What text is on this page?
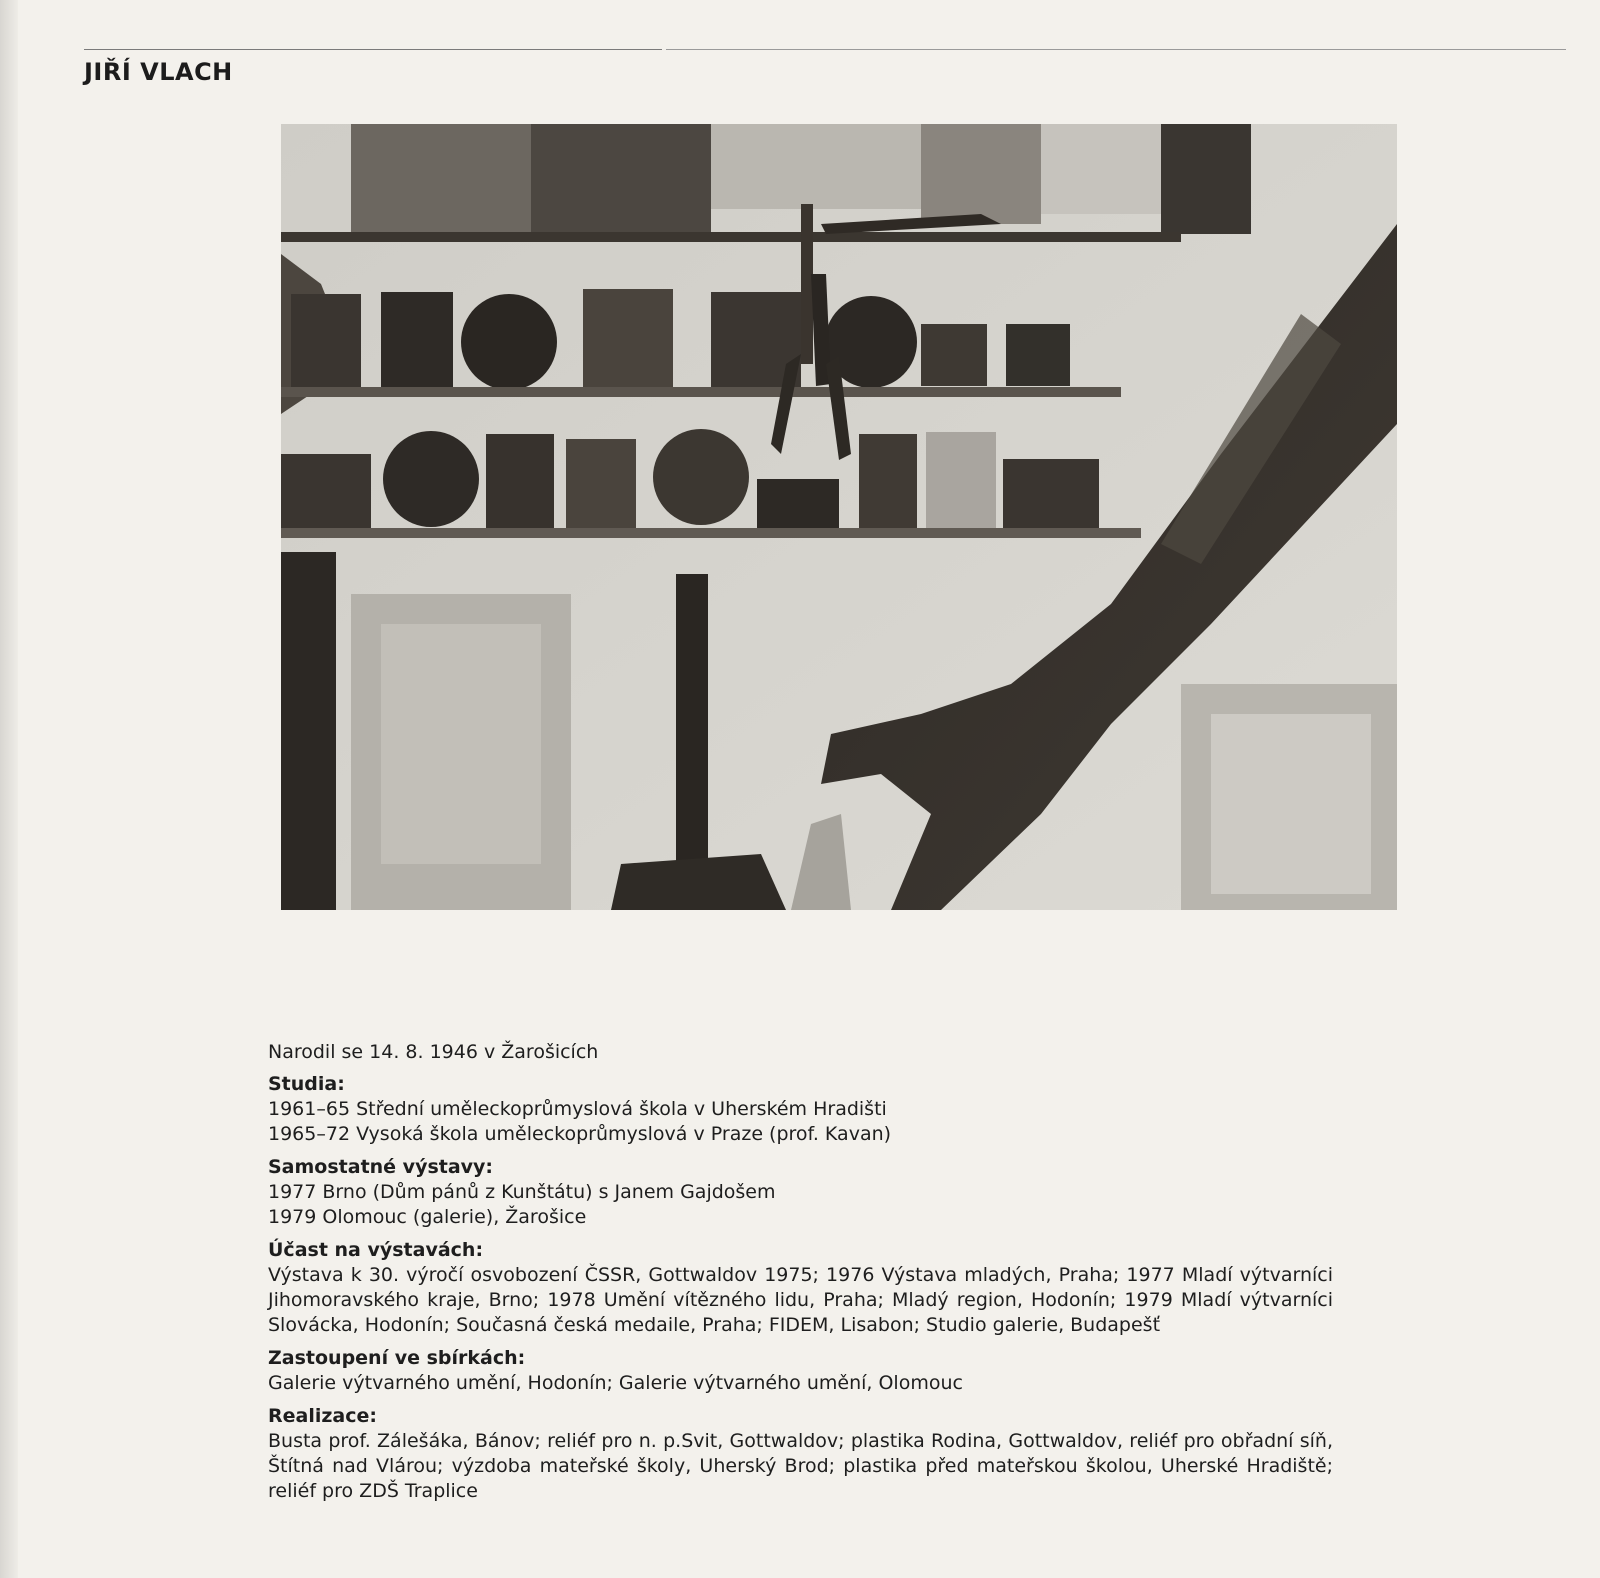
JIŘÍ VLACH

Narodil se 14. 8. 1946 v Žarošicích

Studia:

1961–65 Střední uměleckoprůmyslová škola v Uherském Hradišti

1965–72 Vysoká škola uměleckoprůmyslová v Praze (prof. Kavan)

Samostatné výstavy:

1977 Brno (Dům pánů z Kunštátu) s Janem Gajdošem

1979 Olomouc (galerie), Žarošice

Účast na výstavách:

Výstava k 30. výročí osvobození ČSSR, Gottwaldov 1975; 1976 Výstava mladých, Praha; 1977 Mladí výtvarníci Jihomoravského kraje, Brno; 1978 Umění vítězného lidu, Praha; Mladý region, Hodonín; 1979 Mladí výtvarníci Slovácka, Hodonín; Současná česká medaile, Praha; FIDEM, Lisabon; Studio galerie, Budapešť

Zastoupení ve sbírkách:

Galerie výtvarného umění, Hodonín; Galerie výtvarného umění, Olomouc

Realizace:

Busta prof. Zálešáka, Bánov; reliéf pro n. p.Svit, Gottwaldov; plastika Rodina, Gottwaldov, reliéf pro obřadní síň, Štítná nad Vlárou; výzdoba mateřské školy, Uherský Brod; plastika před mateřskou školou, Uherské Hradiště; reliéf pro ZDŠ Traplice
